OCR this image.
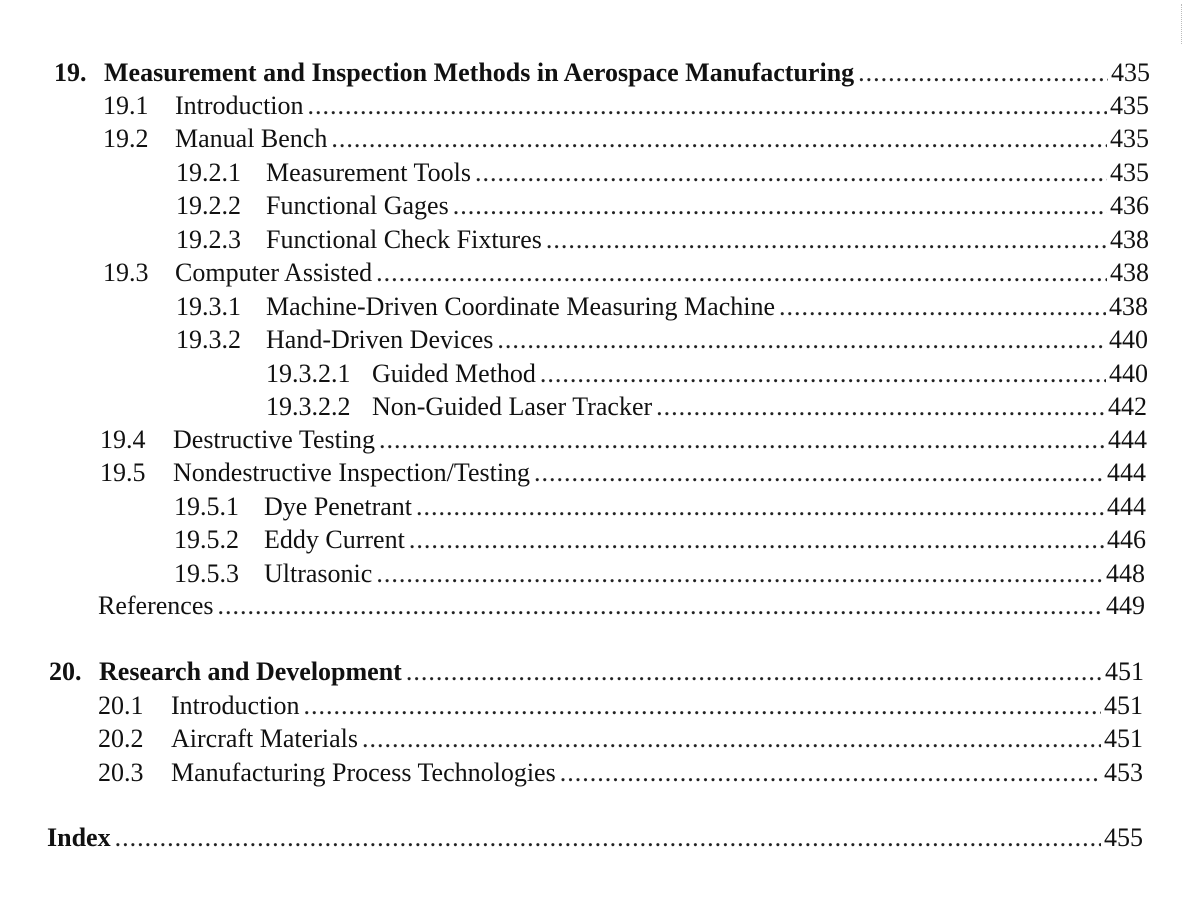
19. Measurement and Inspection Methods in Aerospace Manufacturing .....	435
19.1	Introduction .....	435
19.2	Manual Bench .....	435
19.2.1 Measurement Tools .....	435
19.2.2 Functional Gages .....	436
19.2.3 Functional Check Fixtures .....	438
19.3	Computer Assisted .....	438
19.3.1 Machine-Driven Coordinate Measuring Machine .....	438
19.3.2 Hand-Driven Devices .....	440
19.3.2.1 Guided Method .....	440
19.3.2.2 Non-Guided Laser Tracker .....	442
19.4	Destructive Testing .....	444
19.5	Nondestructive Inspection/Testing .....	444
19.5.1 Dye Penetrant .....	444
19.5.2 Eddy Current .....	446
19.5.3 Ultrasonic .....	448
References .....	449
20. Research and Development .....	451
20.1	Introduction .....	451
20.2	Aircraft Materials .....	451
20.3	Manufacturing Process Technologies .....	453
Index .....	455
